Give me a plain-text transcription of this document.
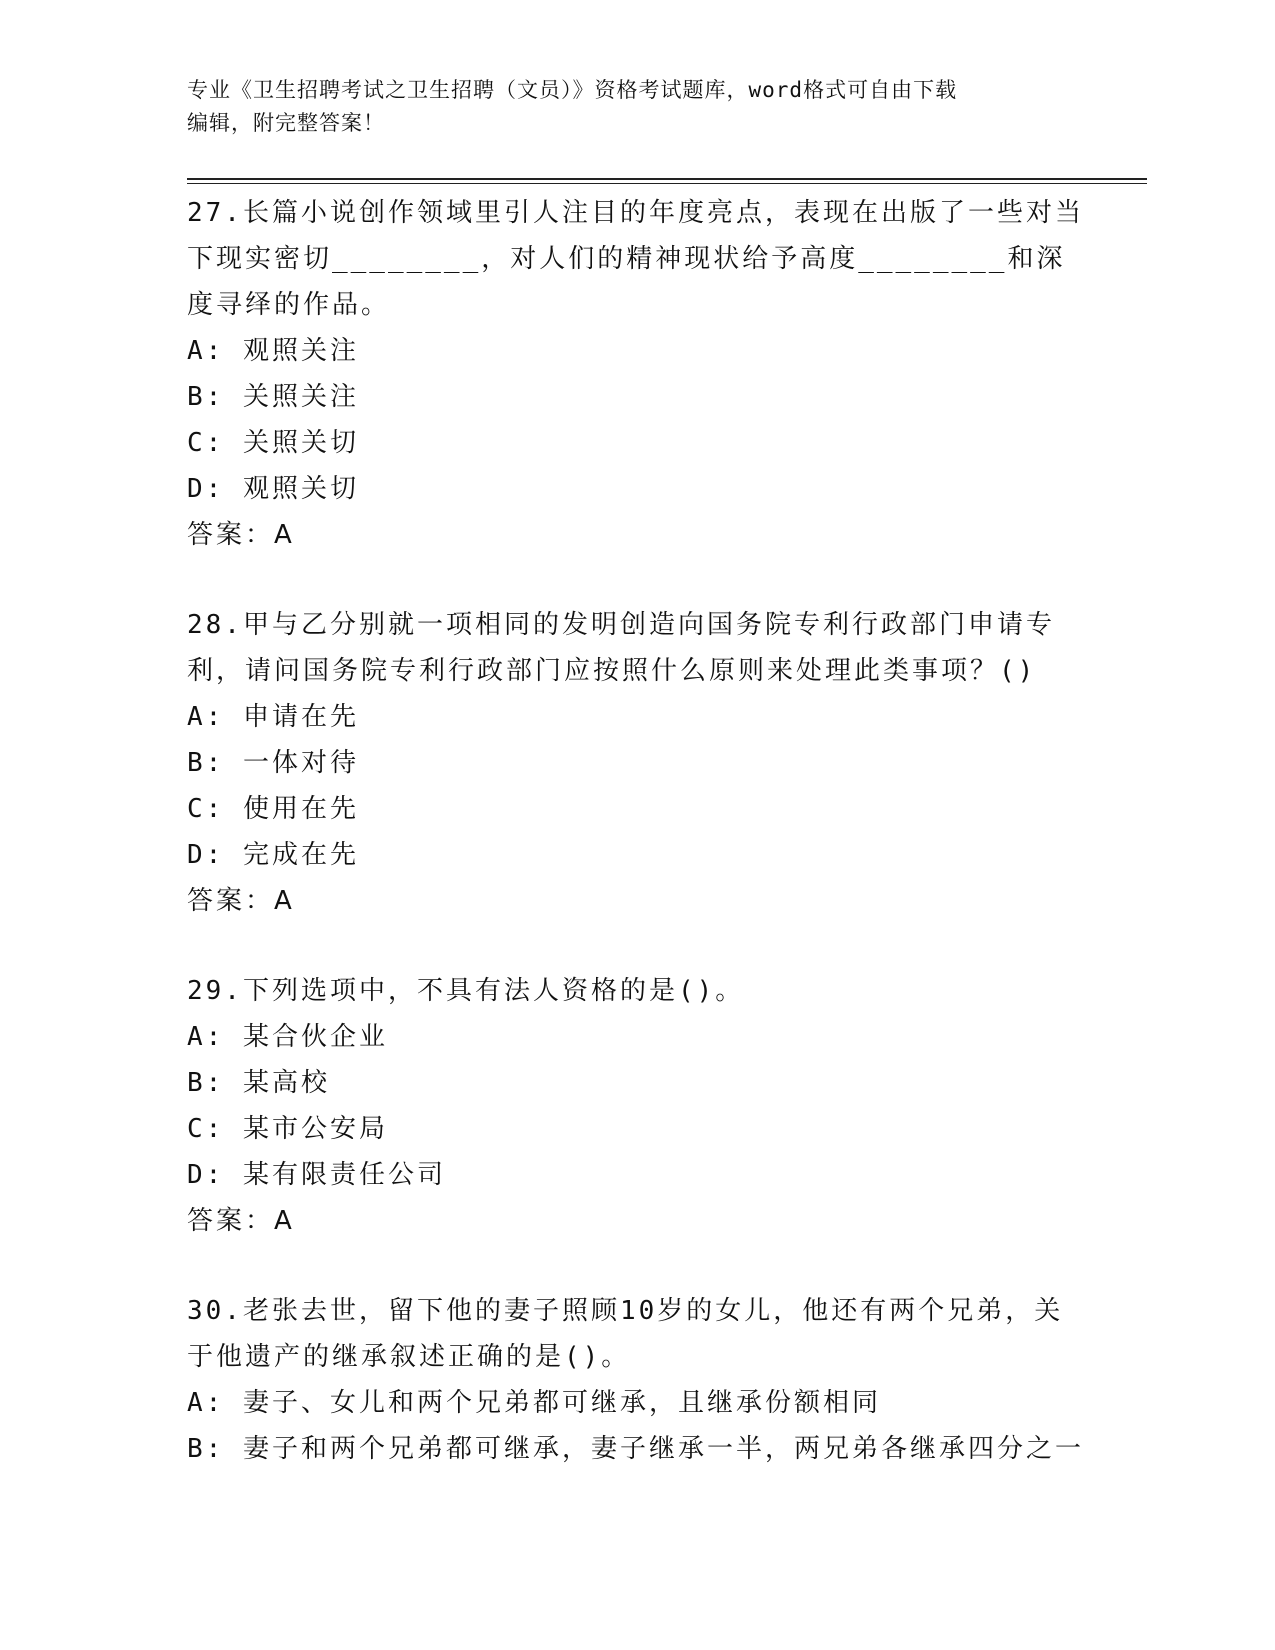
专业《卫生招聘考试之卫生招聘（文员）》资格考试题库，word格式可自由下载
编辑，附完整答案！

27.长篇小说创作领域里引人注目的年度亮点，表现在出版了一些对当下现实密切________，对人们的精神现状给予高度________和深度寻绎的作品。

A: 观照关注

B: 关照关注

C: 关照关切

D: 观照关切

答案：A

28.甲与乙分别就一项相同的发明创造向国务院专利行政部门申请专利，请问国务院专利行政部门应按照什么原则来处理此类事项？()

A: 申请在先

B: 一体对待

C: 使用在先

D: 完成在先

答案：A

29.下列选项中，不具有法人资格的是()。

A: 某合伙企业

B: 某高校

C: 某市公安局

D: 某有限责任公司

答案：A

30.老张去世，留下他的妻子照顾10岁的女儿，他还有两个兄弟，关于他遗产的继承叙述正确的是()。

A: 妻子、女儿和两个兄弟都可继承，且继承份额相同

B: 妻子和两个兄弟都可继承，妻子继承一半，两兄弟各继承四分之一
